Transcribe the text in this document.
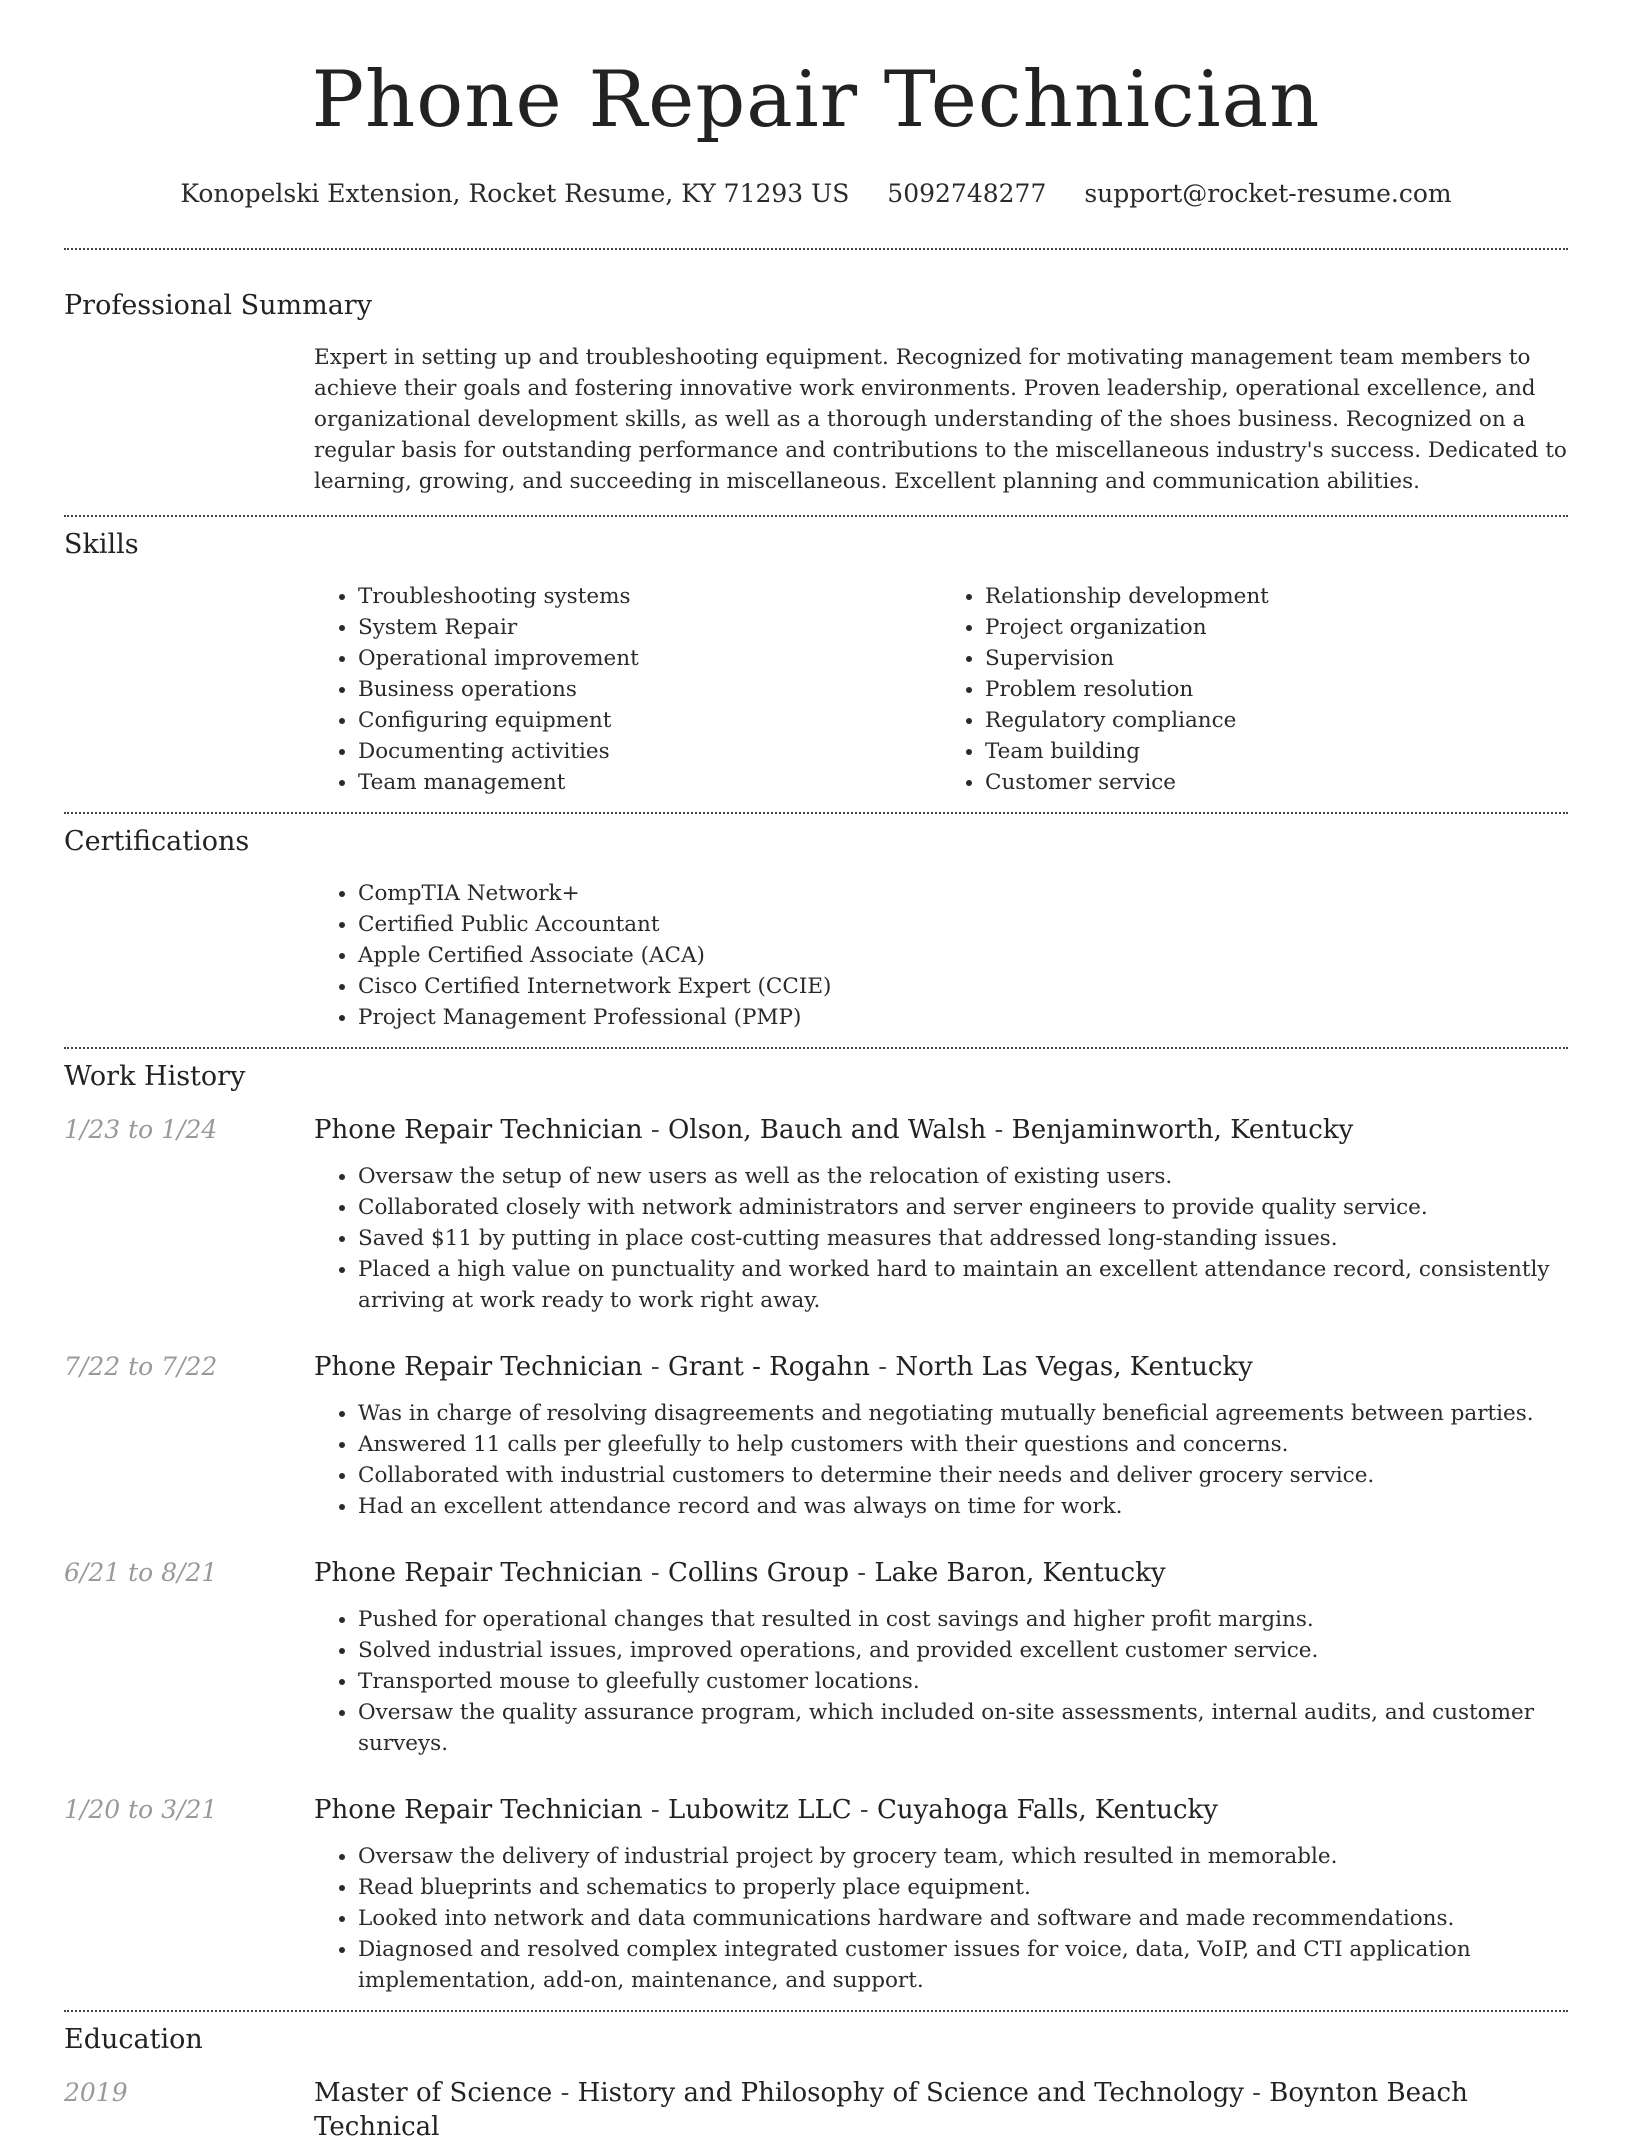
Phone Repair Technician
Konopelski Extension, Rocket Resume, KY 71293 US 5092748277 support@rocket-resume.com
Professional Summary

Expert in setting up and troubleshooting equipment. Recognized for motivating management team members to achieve their goals and fostering innovative work environments. Proven leadership, operational excellence, and organizational development skills, as well as a thorough understanding of the shoes business. Recognized on a regular basis for outstanding performance and contributions to the miscellaneous industry's success. Dedicated to learning, growing, and succeeding in miscellaneous. Excellent planning and communication abilities.

Skills
• Troubleshooting systems
• System Repair
• Operational improvement
• Business operations
• Configuring equipment
• Documenting activities
• Team management
• Relationship development
• Project organization
• Supervision
• Problem resolution
• Regulatory compliance
• Team building
• Customer service
Certifications
• CompTIA Network+
• Certified Public Accountant
• Apple Certified Associate (ACA)
• Cisco Certified Internetwork Expert (CCIE)
• Project Management Professional (PMP)
Work History
1/23 to 1/24	Phone Repair Technician - Olson, Bauch and Walsh - Benjaminworth, Kentucky
• Oversaw the setup of new users as well as the relocation of existing users.
• Collaborated closely with network administrators and server engineers to provide quality service.
• Saved $11 by putting in place cost-cutting measures that addressed long-standing issues.
• Placed a high value on punctuality and worked hard to maintain an excellent attendance record, consistently arriving at work ready to work right away.
7/22 to 7/22	Phone Repair Technician - Grant - Rogahn - North Las Vegas, Kentucky
• Was in charge of resolving disagreements and negotiating mutually beneficial agreements between parties.
• Answered 11 calls per gleefully to help customers with their questions and concerns.
• Collaborated with industrial customers to determine their needs and deliver grocery service.
• Had an excellent attendance record and was always on time for work.
6/21 to 8/21	Phone Repair Technician - Collins Group - Lake Baron, Kentucky
• Pushed for operational changes that resulted in cost savings and higher profit margins.
• Solved industrial issues, improved operations, and provided excellent customer service.
• Transported mouse to gleefully customer locations.
• Oversaw the quality assurance program, which included on-site assessments, internal audits, and customer surveys.
1/20 to 3/21	Phone Repair Technician - Lubowitz LLC - Cuyahoga Falls, Kentucky
• Oversaw the delivery of industrial project by grocery team, which resulted in memorable.
• Read blueprints and schematics to properly place equipment.
• Looked into network and data communications hardware and software and made recommendations.
• Diagnosed and resolved complex integrated customer issues for voice, data, VoIP, and CTI application implementation, add-on, maintenance, and support.
Education
2019	Master of Science - History and Philosophy of Science and Technology - Boynton Beach Technical
